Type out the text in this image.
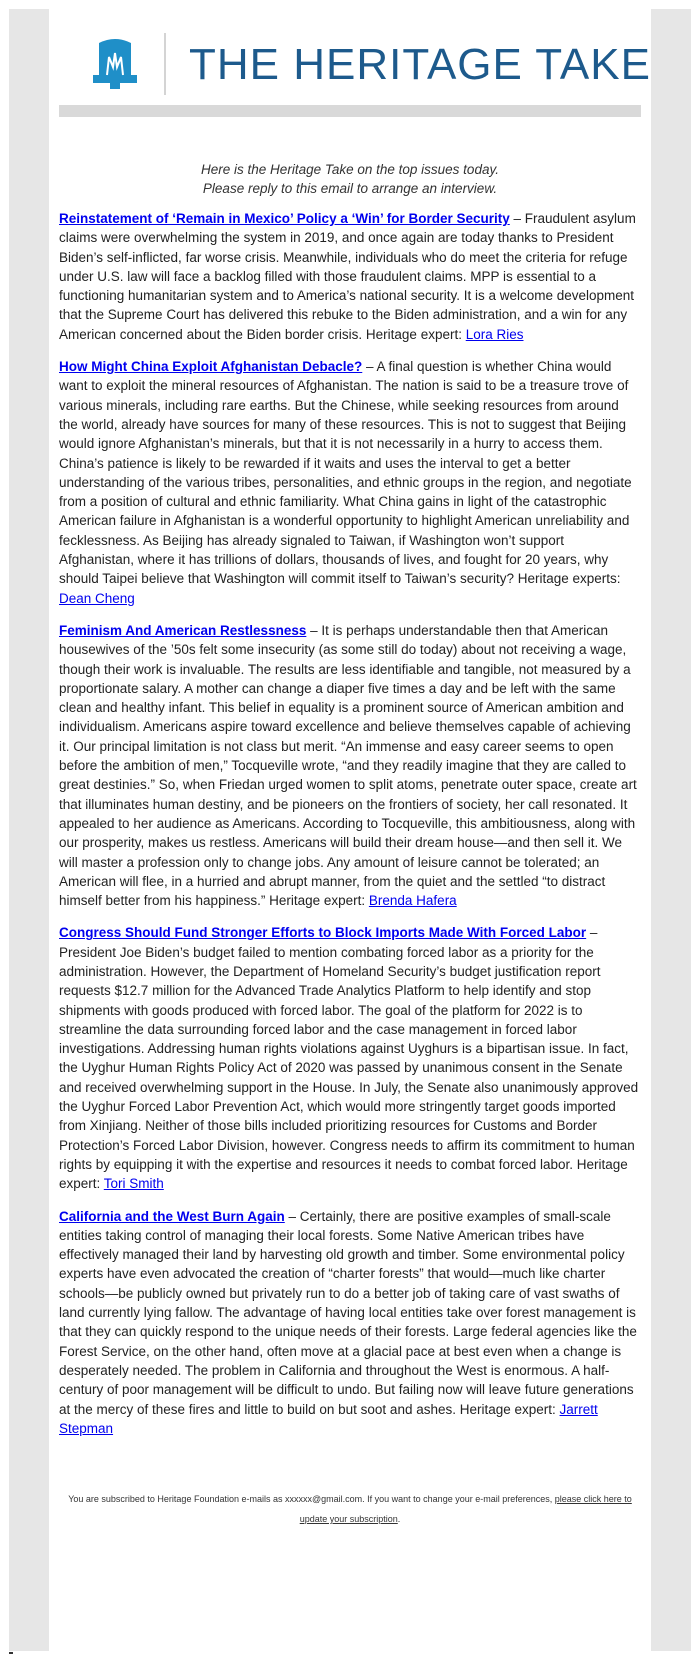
THE HERITAGE TAKE

Here is the Heritage Take on the top issues today.

Please reply to this email to arrange an interview.

Reinstatement of ‘Remain in Mexico’ Policy a ‘Win’ for Border Security – Fraudulent asylum claims were overwhelming the system in 2019, and once again are today thanks to President Biden’s self-inflicted, far worse crisis. Meanwhile, individuals who do meet the criteria for refuge under U.S. law will face a backlog filled with those fraudulent claims. MPP is essential to a functioning humanitarian system and to America’s national security. It is a welcome development that the Supreme Court has delivered this rebuke to the Biden administration, and a win for any American concerned about the Biden border crisis. Heritage expert: Lora Ries

How Might China Exploit Afghanistan Debacle? – A final question is whether China would want to exploit the mineral resources of Afghanistan. The nation is said to be a treasure trove of various minerals, including rare earths. But the Chinese, while seeking resources from around the world, already have sources for many of these resources. This is not to suggest that Beijing would ignore Afghanistan’s minerals, but that it is not necessarily in a hurry to access them. China’s patience is likely to be rewarded if it waits and uses the interval to get a better understanding of the various tribes, personalities, and ethnic groups in the region, and negotiate from a position of cultural and ethnic familiarity. What China gains in light of the catastrophic American failure in Afghanistan is a wonderful opportunity to highlight American unreliability and fecklessness. As Beijing has already signaled to Taiwan, if Washington won’t support Afghanistan, where it has trillions of dollars, thousands of lives, and fought for 20 years, why should Taipei believe that Washington will commit itself to Taiwan’s security? Heritage experts: Dean Cheng

Feminism And American Restlessness – It is perhaps understandable then that American housewives of the ’50s felt some insecurity (as some still do today) about not receiving a wage, though their work is invaluable. The results are less identifiable and tangible, not measured by a proportionate salary. A mother can change a diaper five times a day and be left with the same clean and healthy infant. This belief in equality is a prominent source of American ambition and individualism. Americans aspire toward excellence and believe themselves capable of achieving it. Our principal limitation is not class but merit. “An immense and easy career seems to open before the ambition of men,” Tocqueville wrote, “and they readily imagine that they are called to great destinies.” So, when Friedan urged women to split atoms, penetrate outer space, create art that illuminates human destiny, and be pioneers on the frontiers of society, her call resonated. It appealed to her audience as Americans. According to Tocqueville, this ambitiousness, along with our prosperity, makes us restless. Americans will build their dream house—and then sell it. We will master a profession only to change jobs. Any amount of leisure cannot be tolerated; an American will flee, in a hurried and abrupt manner, from the quiet and the settled “to distract himself better from his happiness.” Heritage expert: Brenda Hafera

Congress Should Fund Stronger Efforts to Block Imports Made With Forced Labor – President Joe Biden’s budget failed to mention combating forced labor as a priority for the administration. However, the Department of Homeland Security’s budget justification report requests $12.7 million for the Advanced Trade Analytics Platform to help identify and stop shipments with goods produced with forced labor. The goal of the platform for 2022 is to streamline the data surrounding forced labor and the case management in forced labor investigations. Addressing human rights violations against Uyghurs is a bipartisan issue. In fact, the Uyghur Human Rights Policy Act of 2020 was passed by unanimous consent in the Senate and received overwhelming support in the House. In July, the Senate also unanimously approved the Uyghur Forced Labor Prevention Act, which would more stringently target goods imported from Xinjiang. Neither of those bills included prioritizing resources for Customs and Border Protection’s Forced Labor Division, however. Congress needs to affirm its commitment to human rights by equipping it with the expertise and resources it needs to combat forced labor. Heritage expert: Tori Smith

California and the West Burn Again – Certainly, there are positive examples of small-scale entities taking control of managing their local forests. Some Native American tribes have effectively managed their land by harvesting old growth and timber. Some environmental policy experts have even advocated the creation of “charter forests” that would—much like charter schools—be publicly owned but privately run to do a better job of taking care of vast swaths of land currently lying fallow. The advantage of having local entities take over forest management is that they can quickly respond to the unique needs of their forests. Large federal agencies like the Forest Service, on the other hand, often move at a glacial pace at best even when a change is desperately needed. The problem in California and throughout the West is enormous. A half-century of poor management will be difficult to undo. But failing now will leave future generations at the mercy of these fires and little to build on but soot and ashes. Heritage expert: Jarrett Stepman

You are subscribed to Heritage Foundation e-mails as xxxxxx@gmail.com. If you want to change your e-mail preferences, please click here to update your subscription.
